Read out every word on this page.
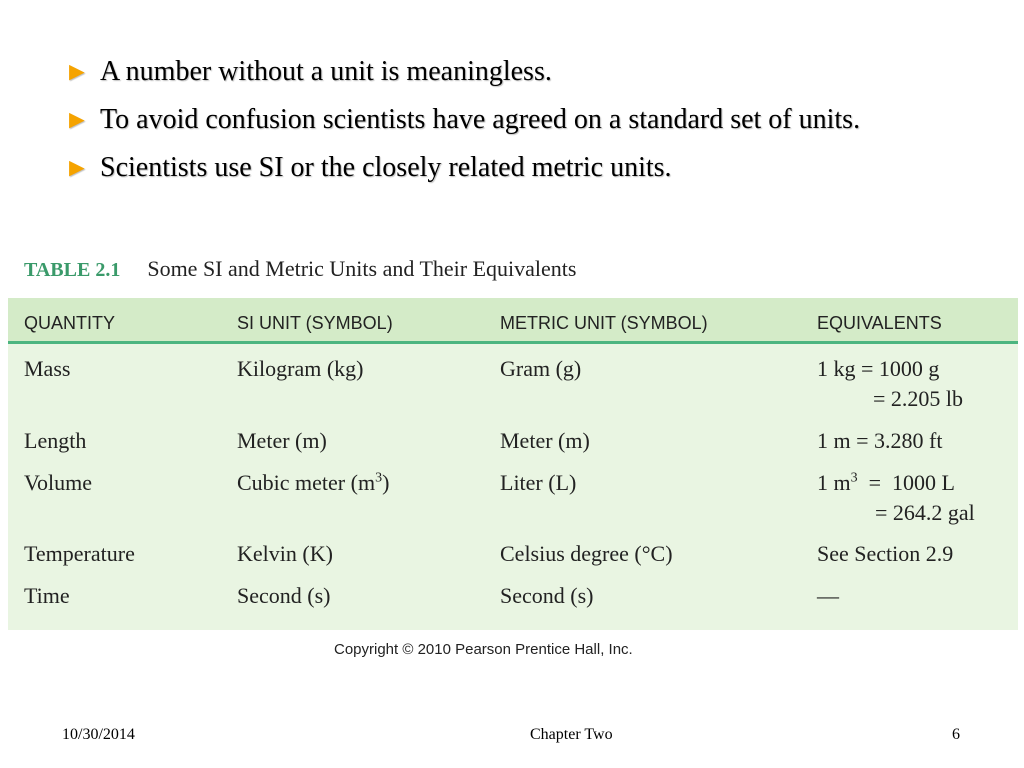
► A number without a unit is meaningless.
► To avoid confusion scientists have agreed on a standard set of units.
► Scientists use SI or the closely related metric units.
TABLE 2.1 Some SI and Metric Units and Their Equivalents
QUANTITY	SI UNIT (SYMBOL)	METRIC UNIT (SYMBOL)	EQUIVALENTS
Mass	Kilogram (kg)	Gram (g)	1 kg = 1000 g
= 2.205 lb
Length	Meter (m)	Meter (m)	1 m = 3.280 ft
Volume	Cubic meter $(m^3)$	Liter (L)	1 $m^3 = 1000$ L
= 264.2 gal
Temperature	Kelvin (K)	Celsius degree (°C)	See Section 2.9
Time	Second (s)	Second (s)	—
Copyright © 2010 Pearson Prentice Hall, Inc.
10/30/2014	Chapter Two	6
